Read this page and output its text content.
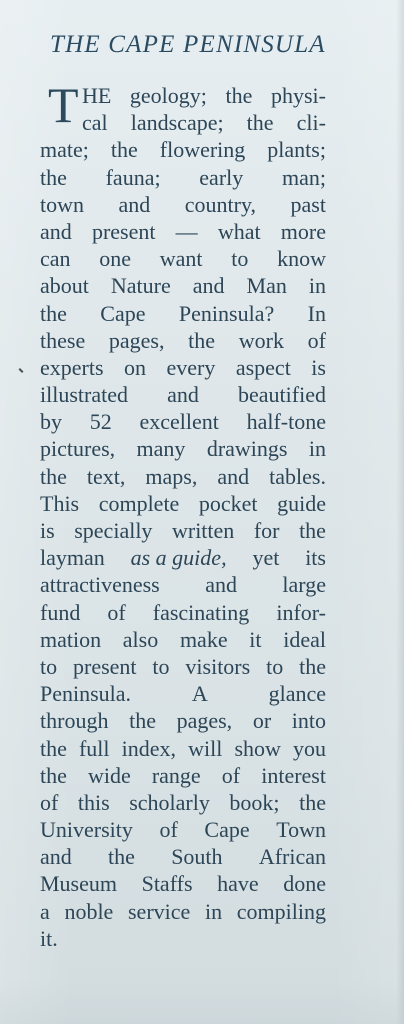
THE CAPE PENINSULA
T HE geology; the physi-
cal landscape; the cli-
mate; the flowering plants;
the fauna; early man;
town and country, past
and present — what more
can one want to know
about Nature and Man in
the Cape Peninsula? In
these pages, the work of
experts on every aspect is
illustrated and beautified
by 52 excellent half-tone
pictures, many drawings in
the text, maps, and tables.
This complete pocket guide
is specially written for the
layman as a guide, yet its
attractiveness and large
fund of fascinating infor-
mation also make it ideal
to present to visitors to the
Peninsula.	A	glance
through the pages, or into
the full index, will show you
the wide range of interest
of this scholarly book; the
University of Cape Town
and the South African
Museum Staffs have done
a noble service in compiling
it.
